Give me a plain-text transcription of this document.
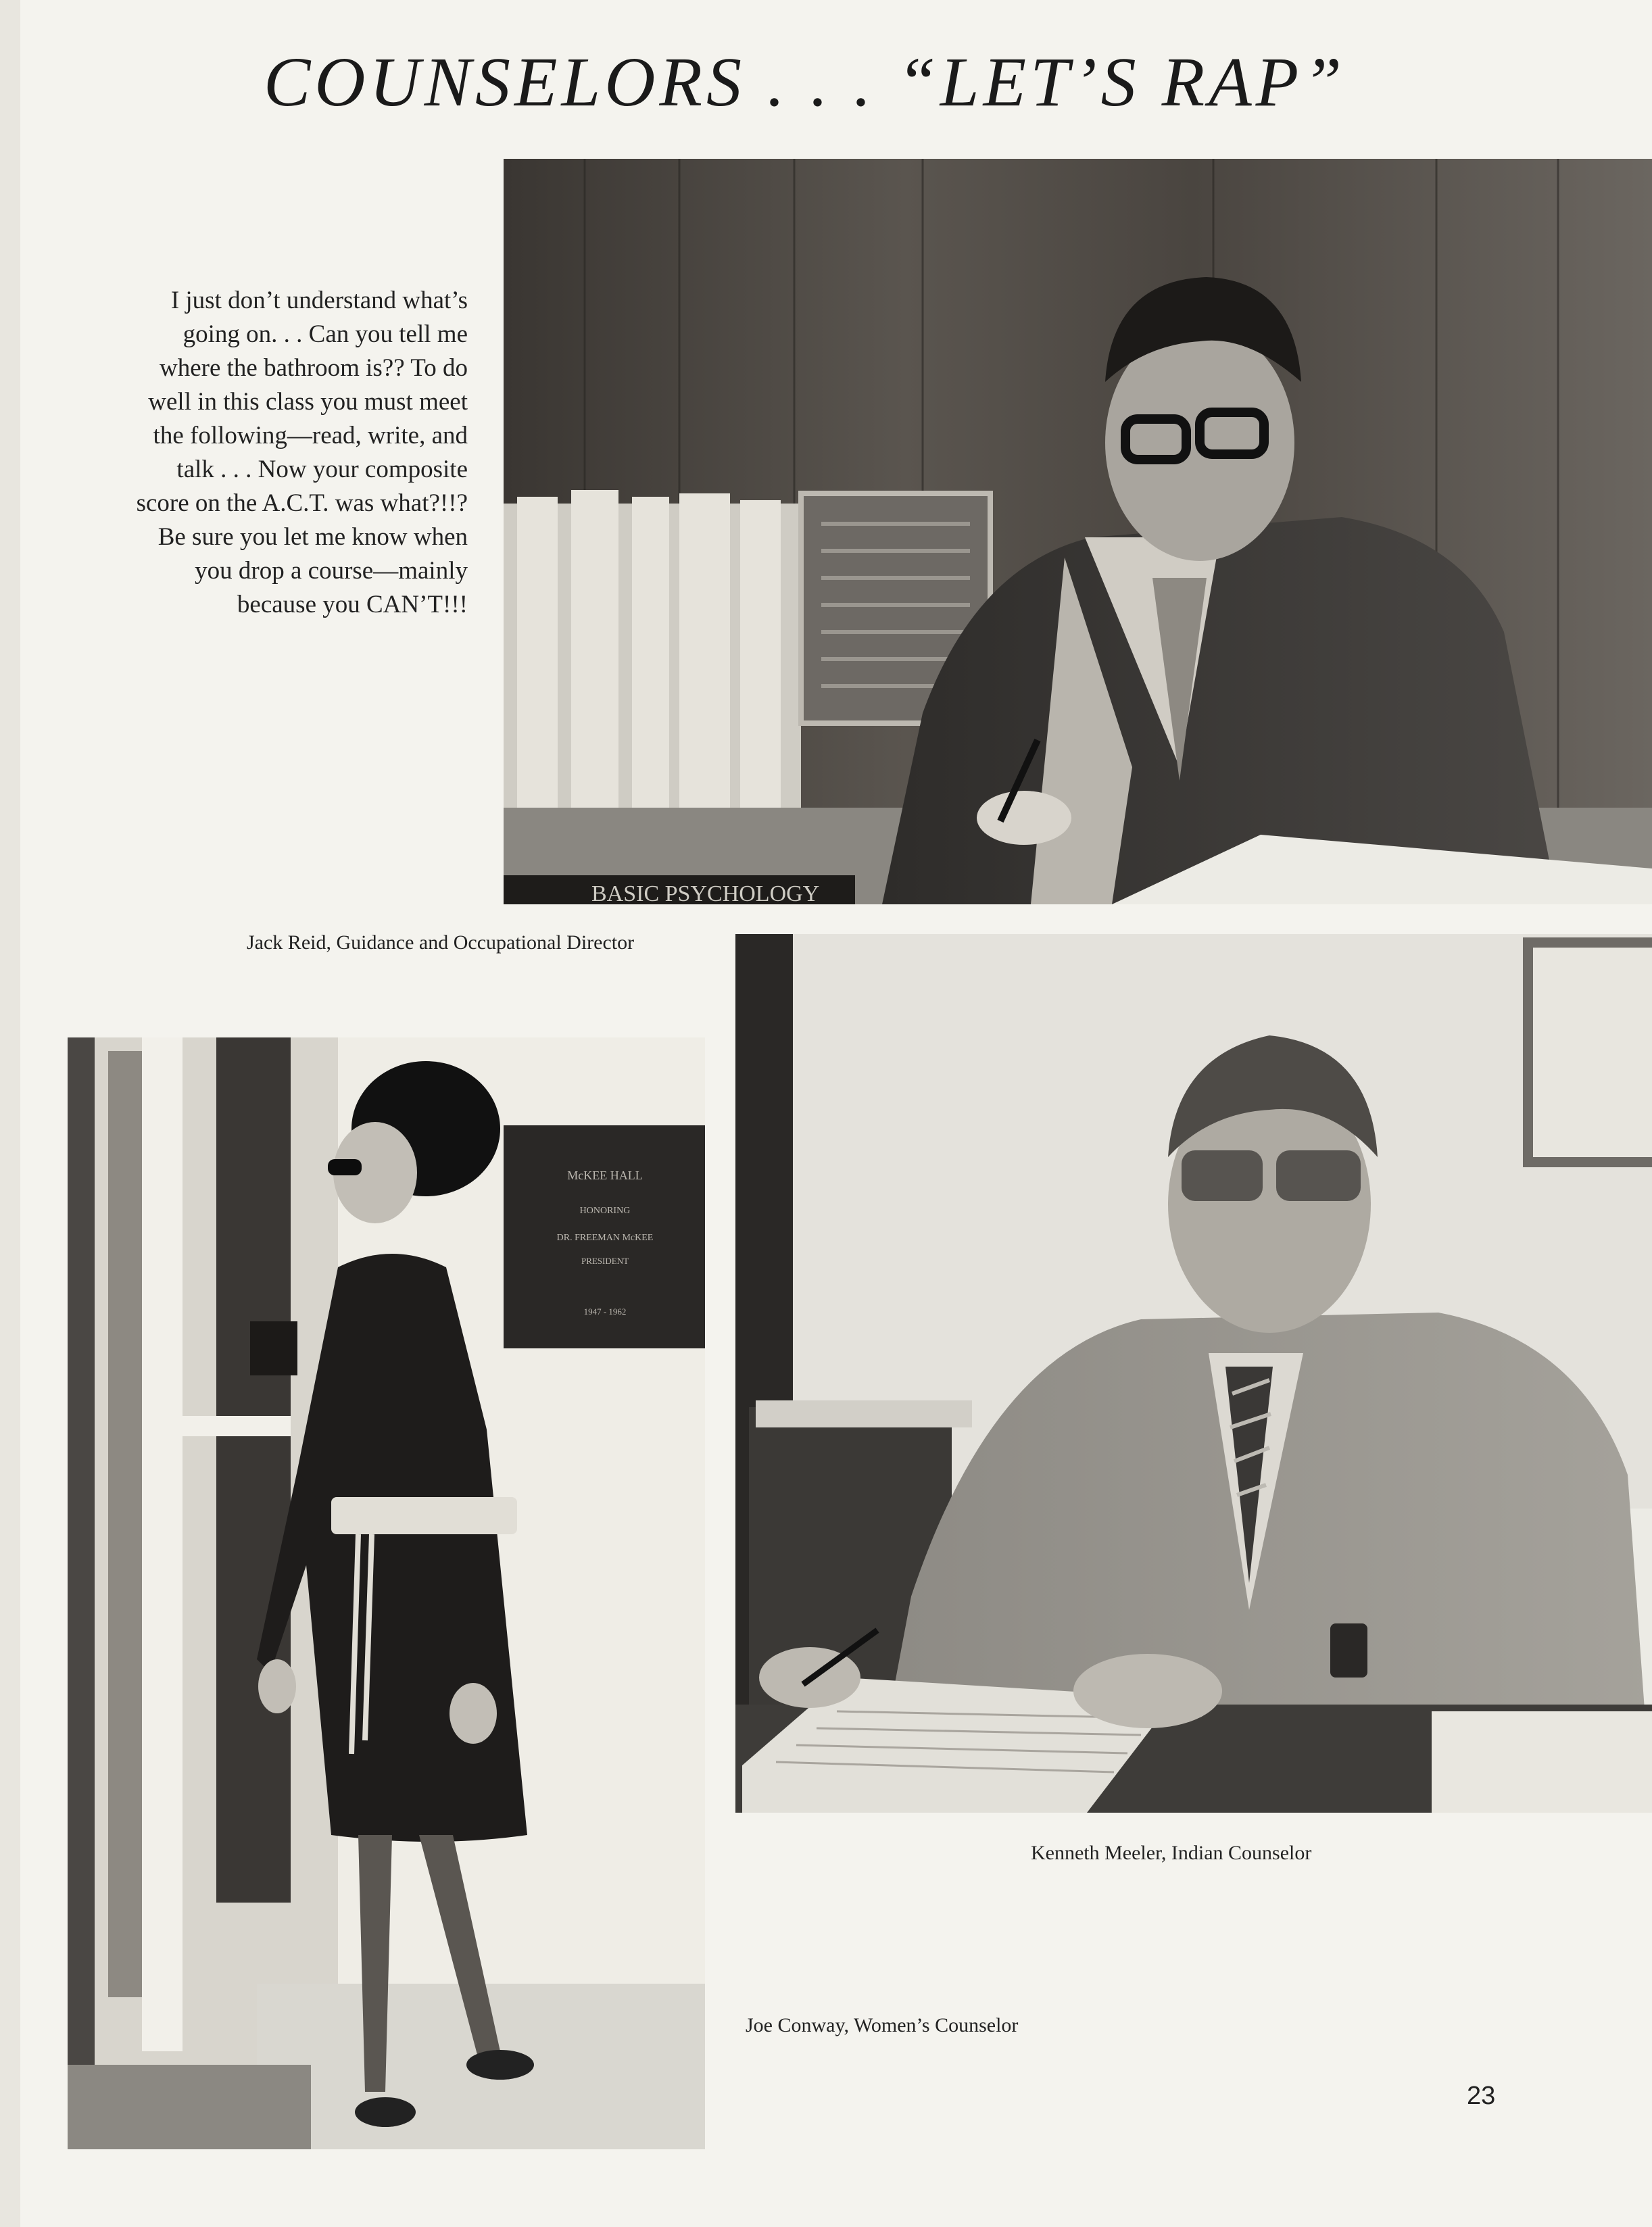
COUNSELORS . . . “LET’S RAP”

I just don’t understand what’s

going on. . . Can you tell me

where the bathroom is?? To do

well in this class you must meet

the following—read, write, and

talk . . . Now your composite

score on the A.C.T. was what?!!?

Be sure you let me know when

you drop a course—mainly

because you CAN’T!!!

BASIC PSYCHOLOGY
Jack Reid, Guidance and Occupational Director
McKEE HALL
HONORING
DR. FREEMAN McKEE
PRESIDENT
1947 - 1962
Joe Conway, Women’s Counselor
Kenneth Meeler, Indian Counselor
23
